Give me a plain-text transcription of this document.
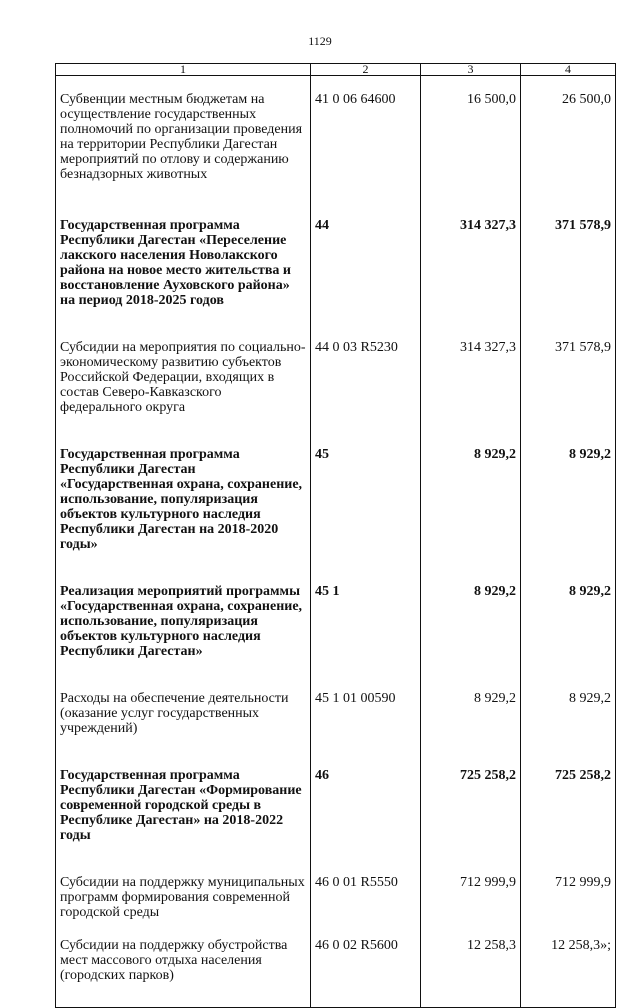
1129
1	2	3	4
Субвенции местным бюджетам на осуществление государственных полномочий по организации проведения на территории Республики Дагестан мероприятий по отлову и содержанию безнадзорных животных	41 0 06 64600	16 500,0	26 500,0
Государственная программа Республики Дагестан «Переселение лакского населения Новолакского района на новое место жительства и восстановление Ауховского района» на период 2018-2025 годов	44	314 327,3	371 578,9
Субсидии на мероприятия по социально-экономическому развитию субъектов Российской Федерации, входящих в состав Северо-Кавказского федерального округа	44 0 03 R5230	314 327,3	371 578,9
Государственная программа Республики Дагестан «Государственная охрана, сохранение, использование, популяризация объектов культурного наследия Республики Дагестан на 2018-2020 годы»	45	8 929,2	8 929,2
Реализация мероприятий программы «Государственная охрана, сохранение, использование, популяризация объектов культурного наследия Республики Дагестан»	45 1	8 929,2	8 929,2
Расходы на обеспечение деятельности (оказание услуг государственных учреждений)	45 1 01 00590	8 929,2	8 929,2
Государственная программа Республики Дагестан «Формирование современной городской среды в Республике Дагестан» на 2018-2022 годы	46	725 258,2	725 258,2
Субсидии на поддержку муниципальных программ формирования современной городской среды	46 0 01 R5550	712 999,9	712 999,9
Субсидии на поддержку обустройства мест массового отдыха населения (городских парков)	46 0 02 R5600	12 258,3	12 258,3»;
